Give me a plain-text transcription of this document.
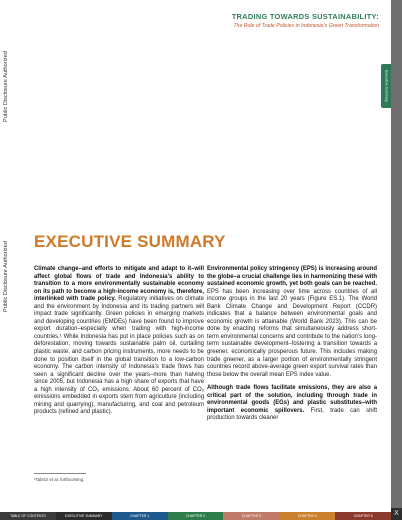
Public Disclosure Authorized
Public Disclosure Authorized
TRADING TOWARDS SUSTAINABILITY:
The Role of Trade Policies in Indonesia’s Green Transformation
Executive Summary
EXECUTIVE SUMMARY

Climate change–and efforts to mitigate and adapt to it–will affect global flows of trade and Indonesia’s ability to transition to a more environmentally sustainable economy on its path to become a high-income economy is, therefore, interlinked with trade policy. Regulatory initiatives on climate and the environment by Indonesia and its trading partners will impact trade significantly. Green policies in emerging markets and developing countries (EMDEs) have been found to improve export duration–especially when trading with high-income countries.¹ While Indonesia has put in place policies such as on deforestation, moving towards sustainable palm oil, curtailing plastic waste, and carbon pricing instruments, more needs to be done to position itself in the global transition to a low-carbon economy. The carbon intensity of Indonesia’s trade flows has seen a significant decline over the years–more than halving since 2005, but Indonesia has a high share of exports that have a high intensity of CO₂ emissions. About 60 percent of CO₂ emissions embedded in exports stem from agriculture (including mining and quarrying), manufacturing, and coal and petroleum products (refined and plastic).

Environmental policy stringency (EPS) is increasing around the globe–a crucial challenge lies in harmonizing these with sustained economic growth, yet both goals can be reached. EPS has been increasing over time across countries of all income groups in the last 20 years (Figure ES.1). The World Bank Climate Change and Development Report (CCDR) indicates that a balance between environmental goals and economic growth is attainable (World Bank 2023). This can be done by enacting reforms that simultaneously address short-term environmental concerns and contribute to the nation’s long-term sustainable development–fostering a transition towards a greener, economically prosperous future. This includes making trade greener, as a larger portion of environmentally stringent countries record above-average green export survival rates than those below the overall mean EPS index value.

Although trade flows facilitate emissions, they are also a critical part of the solution, including through trade in environmental goods (EGs) and plastic substitutes–with important economic spillovers. First, trade can shift production towards cleaner

¹Tabrizi et al. forthcoming.
TABLE OF CONTENTS	EXECUTIVE SUMMARY	CHAPTER 1	CHAPTER 2	CHAPTER 3	CHAPTER 4	CHAPTER 5	X
